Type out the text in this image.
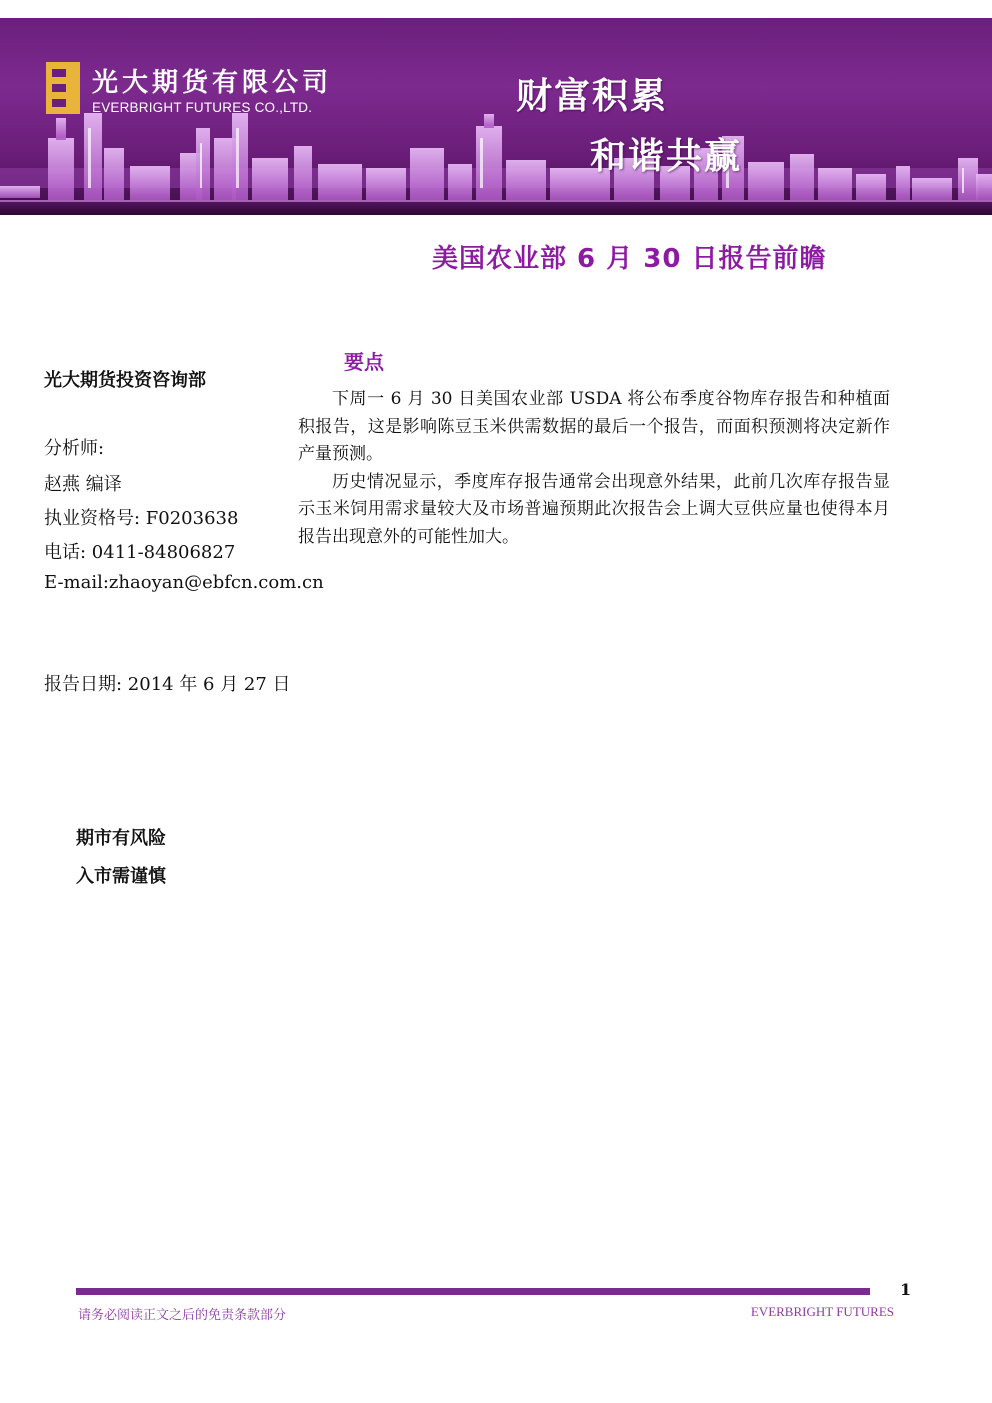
光大期货有限公司
EVERBRIGHT FUTURES CO.,LTD.	财富积累
和谐共赢
美国农业部 6 月 30 日报告前瞻

光大期货投资咨询部

分析师:
赵燕 编译
执业资格号: F0203638
电话: 0411-84806827
E-mail:zhaoyan@ebfcn.com.cn
报告日期: 2014 年 6 月 27 日
期市有风险
入市需谨慎
要点

下周一 6 月 30 日美国农业部 USDA 将公布季度谷物库存报告和种植面积报告，这是影响陈豆玉米供需数据的最后一个报告，而面积预测将决定新作产量预测。

历史情况显示，季度库存报告通常会出现意外结果，此前几次库存报告显示玉米饲用需求量较大及市场普遍预期此次报告会上调大豆供应量也使得本月报告出现意外的可能性加大。

1
请务必阅读正文之后的免责条款部分	EVERBRIGHT FUTURES
